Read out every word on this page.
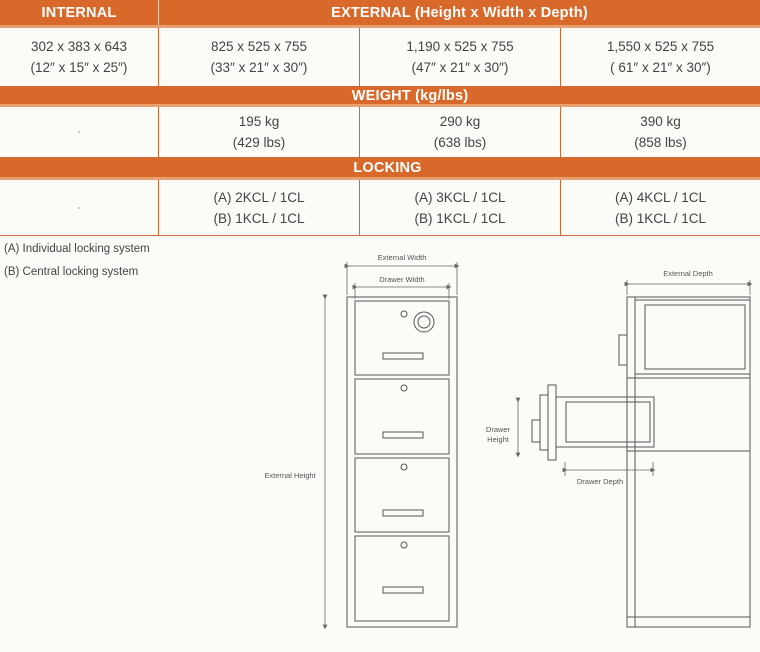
INTERNAL	EXTERNAL (Height x Width x Depth)
302 x 383 x 643
(12″ x 15″ x 25″)
825 x 525 x 755
(33″ x 21″ x 30″)
1,190 x 525 x 755
(47″ x 21″ x 30″)
1,550 x 525 x 755
( 61″ x 21″ x 30″)
WEIGHT (kg/lbs)
195 kg
(429 lbs)
290 kg
(638 lbs)
390 kg
(858 lbs)
LOCKING
(A) 2KCL / 1CL
(B) 1KCL / 1CL
(A) 3KCL / 1CL
(B) 1KCL / 1CL
(A) 4KCL / 1CL
(B) 1KCL / 1CL
(A) Individual locking system
(B) Central locking system
External Width
Drawer Width
External Height
External Depth
Drawer
Height
Drawer Depth
